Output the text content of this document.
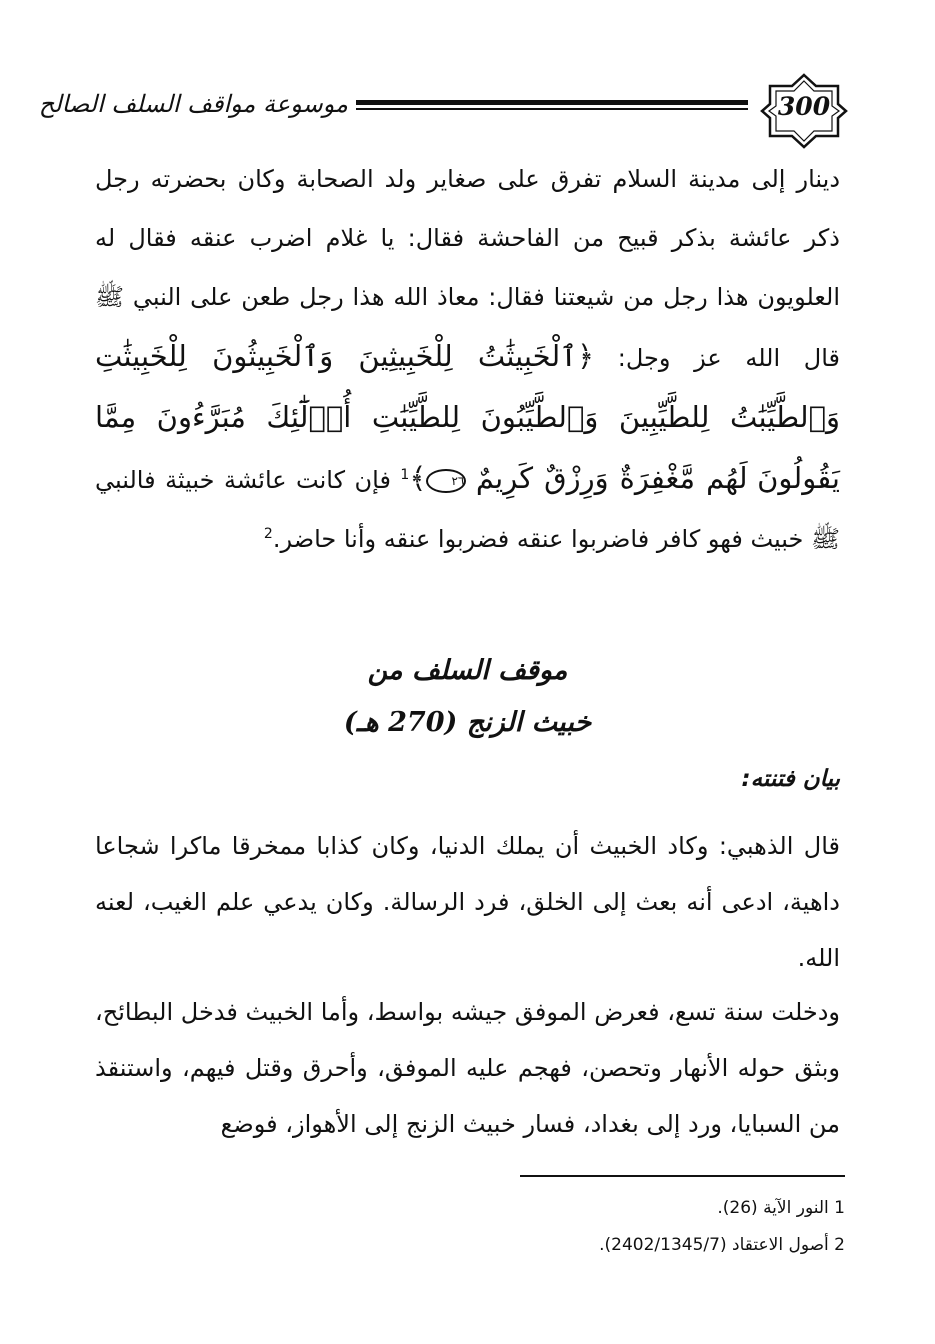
موسوعة مواقف السلف الصالح	300

دينار إلى مدينة السلام تفرق على صغاير ولد الصحابة وكان بحضرته رجل ذكر عائشة بذكر قبيح من الفاحشة فقال: يا غلام اضرب عنقه فقال له العلويون هذا رجل من شيعتنا فقال: معاذ الله هذا رجل طعن على النبي ﷺ قال الله عز وجل: ﴿ٱلْخَبِيثَٰتُ لِلْخَبِيثِينَ وَٱلْخَبِيثُونَ لِلْخَبِيثَٰتِ وَٱلطَّيِّبَٰتُ لِلطَّيِّبِينَ وَٱلطَّيِّبُونَ لِلطَّيِّبَٰتِ أُو۟لَٰٓئِكَ مُبَرَّءُونَ مِمَّا يَقُولُونَ لَهُم مَّغْفِرَةٌ وَرِزْقٌ كَرِيمٌ ٢٦﴾$^1$ فإن كانت عائشة خبيثة فالنبي ﷺ خبيث فهو كافر فاضربوا عنقه فضربوا عنقه وأنا حاضر.$^2$

موقف السلف من
خبيث الزنج (270 هـ)
بيان فتنته:
قال الذهبي: وكاد الخبيث أن يملك الدنيا، وكان كذابا ممخرقا ماكرا شجاعا داهية، ادعى أنه بعث إلى الخلق، فرد الرسالة. وكان يدعي علم الغيب، لعنه الله.
ودخلت سنة تسع، فعرض الموفق جيشه بواسط، وأما الخبيث فدخل البطائح، وبثق حوله الأنهار وتحصن، فهجم عليه الموفق، وأحرق وقتل فيهم، واستنقذ من السبايا، ورد إلى بغداد، فسار خبيث الزنج إلى الأهواز، فوضع
1 النور الآية (26).
2 أصول الاعتقاد (2402/1345/7).
